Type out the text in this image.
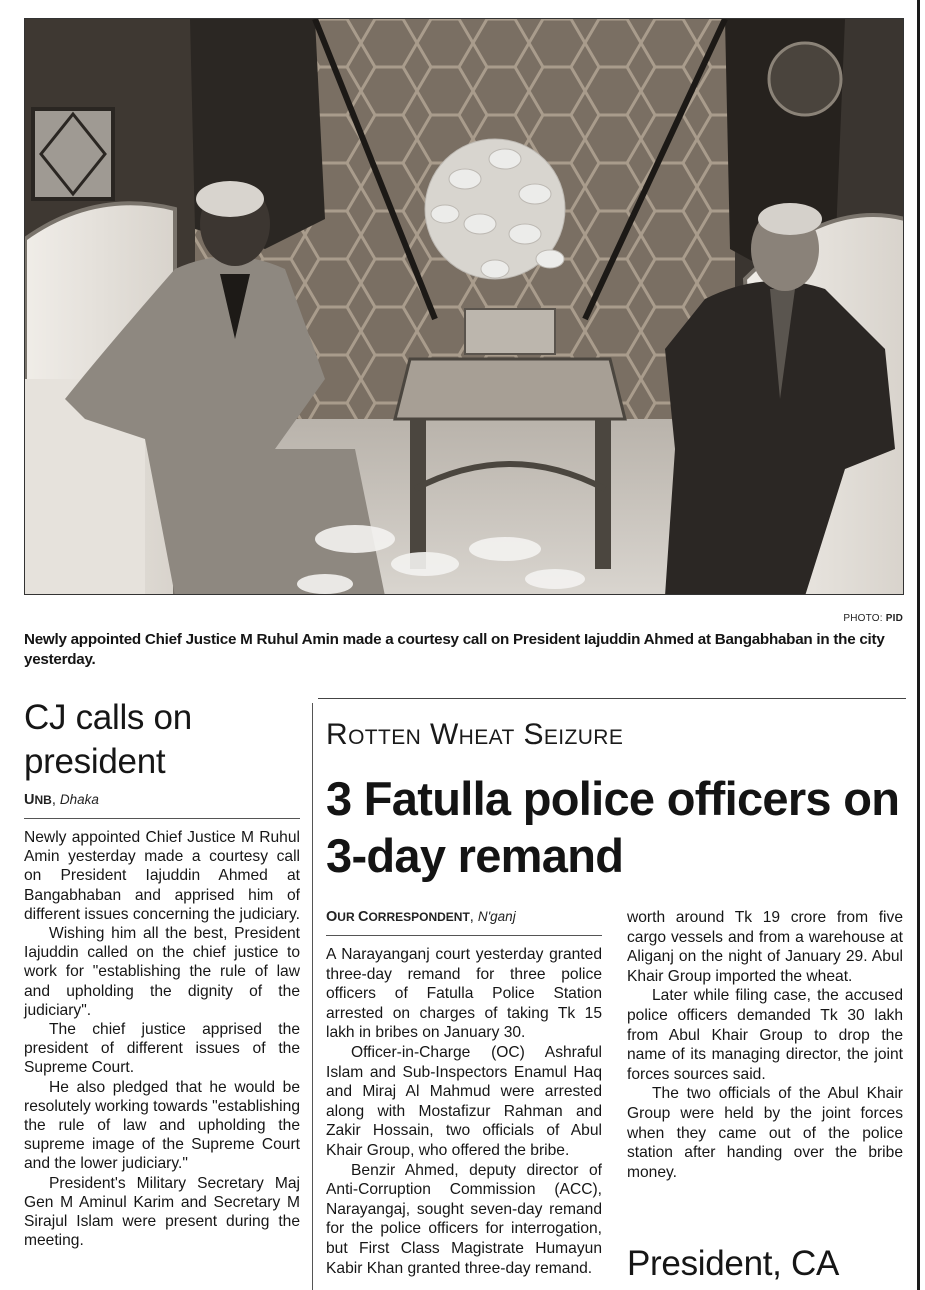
PHOTO: PID
Newly appointed Chief Justice M Ruhul Amin made a courtesy call on President Iajuddin Ahmed at Bangabhaban in the city yesterday.
CJ calls on president
UNB, Dhaka

Newly appointed Chief Justice M Ruhul Amin yesterday made a courtesy call on President Iajuddin Ahmed at Bangabhaban and apprised him of different issues concerning the judiciary.

Wishing him all the best, President Iajuddin called on the chief justice to work for "establishing the rule of law and upholding the dignity of the judiciary".

The chief justice apprised the president of different issues of the Supreme Court.

He also pledged that he would be resolutely working towards "establishing the rule of law and upholding the supreme image of the Supreme Court and the lower judiciary."

President's Military Secretary Maj Gen M Aminul Karim and Secretary M Sirajul Islam were present during the meeting.

Rotten Wheat Seizure
3 Fatulla police officers on 3-day remand
OUR CORRESPONDENT, N'ganj

A Narayanganj court yesterday granted three-day remand for three police officers of Fatulla Police Station arrested on charges of taking Tk 15 lakh in bribes on January 30.

Officer-in-Charge (OC) Ashraful Islam and Sub-Inspectors Enamul Haq and Miraj Al Mahmud were arrested along with Mostafizur Rahman and Zakir Hossain, two officials of Abul Khair Group, who offered the bribe.

Benzir Ahmed, deputy director of Anti-Corruption Commission (ACC), Narayangaj, sought seven-day remand for the police officers for interrogation, but First Class Magistrate Humayun Kabir Khan granted three-day remand.

worth around Tk 19 crore from five cargo vessels and from a warehouse at Aliganj on the night of January 29. Abul Khair Group imported the wheat.

Later while filing case, the accused police officers demanded Tk 30 lakh from Abul Khair Group to drop the name of its managing director, the joint forces sources said.

The two officials of the Abul Khair Group were held by the joint forces when they came out of the police station after handing over the bribe money.

President, CA
